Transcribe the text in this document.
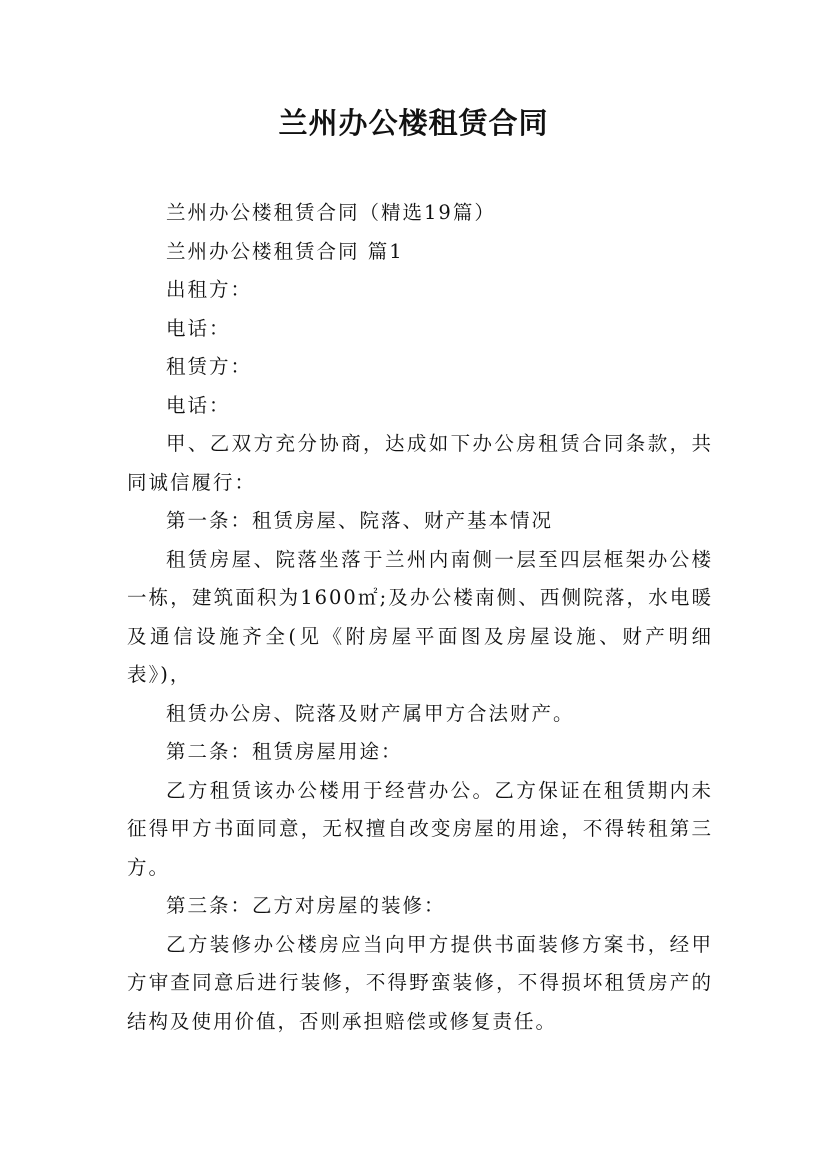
兰州办公楼租赁合同

兰州办公楼租赁合同（精选19篇）

兰州办公楼租赁合同 篇1

出租方：

电话：

租赁方：

电话：

甲、乙双方充分协商，达成如下办公房租赁合同条款，共同诚信履行：

第一条：租赁房屋、院落、财产基本情况

租赁房屋、院落坐落于兰州内南侧一层至四层框架办公楼一栋，建筑面积为1600㎡;及办公楼南侧、西侧院落，水电暖及通信设施齐全(见《附房屋平面图及房屋设施、财产明细表》)，

租赁办公房、院落及财产属甲方合法财产。

第二条：租赁房屋用途：

乙方租赁该办公楼用于经营办公。乙方保证在租赁期内未征得甲方书面同意，无权擅自改变房屋的用途，不得转租第三方。

第三条：乙方对房屋的装修：

乙方装修办公楼房应当向甲方提供书面装修方案书，经甲方审查同意后进行装修，不得野蛮装修，不得损坏租赁房产的结构及使用价值，否则承担赔偿或修复责任。
